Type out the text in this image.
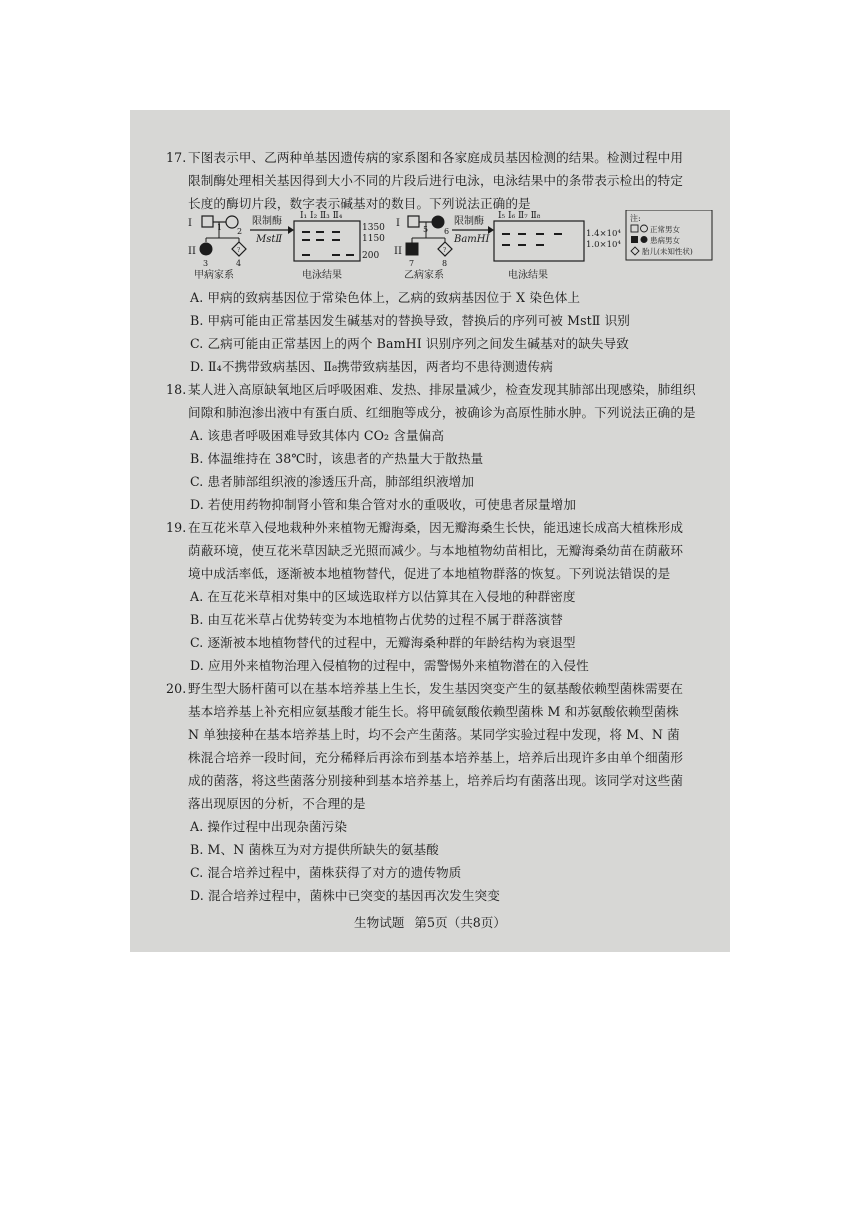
17. 下图表示甲、乙两种单基因遗传病的家系图和各家庭成员基因检测的结果。检测过程中用
限制酶处理相关基因得到大小不同的片段后进行电泳，电泳结果中的条带表示检出的特定
长度的酶切片段，数字表示碱基对的数目。下列说法正确的是
I
II	?
1 2
3	4
甲病家系
限制酶
MstⅡ
I₁ I₂ Ⅱ₃ Ⅱ₄
1350
1150
200
电泳结果
I
II	?
5 6
7	8
乙病家系
限制酶
BamHI
I₅ I₆ Ⅱ₇ Ⅱ₈
1.4×10⁴
1.0×10⁴
电泳结果
注:
正常男女
患病男女
胎儿(未知性状)
A. 甲病的致病基因位于常染色体上，乙病的致病基因位于 X 染色体上
B. 甲病可能由正常基因发生碱基对的替换导致，替换后的序列可被 MstⅡ 识别
C. 乙病可能由正常基因上的两个 BamHI 识别序列之间发生碱基对的缺失导致
D. Ⅱ₄不携带致病基因、Ⅱ₈携带致病基因，两者均不患待测遗传病
18. 某人进入高原缺氧地区后呼吸困难、发热、排尿量减少，检查发现其肺部出现感染，肺组织
间隙和肺泡渗出液中有蛋白质、红细胞等成分，被确诊为高原性肺水肿。下列说法正确的是
A. 该患者呼吸困难导致其体内 CO₂ 含量偏高
B. 体温维持在 38℃时，该患者的产热量大于散热量
C. 患者肺部组织液的渗透压升高，肺部组织液增加
D. 若使用药物抑制肾小管和集合管对水的重吸收，可使患者尿量增加
19. 在互花米草入侵地栽种外来植物无瓣海桑，因无瓣海桑生长快，能迅速长成高大植株形成
荫蔽环境，使互花米草因缺乏光照而减少。与本地植物幼苗相比，无瓣海桑幼苗在荫蔽环
境中成活率低，逐渐被本地植物替代，促进了本地植物群落的恢复。下列说法错误的是
A. 在互花米草相对集中的区域选取样方以估算其在入侵地的种群密度
B. 由互花米草占优势转变为本地植物占优势的过程不属于群落演替
C. 逐渐被本地植物替代的过程中，无瓣海桑种群的年龄结构为衰退型
D. 应用外来植物治理入侵植物的过程中，需警惕外来植物潜在的入侵性
20. 野生型大肠杆菌可以在基本培养基上生长，发生基因突变产生的氨基酸依赖型菌株需要在
基本培养基上补充相应氨基酸才能生长。将甲硫氨酸依赖型菌株 M 和苏氨酸依赖型菌株
N 单独接种在基本培养基上时，均不会产生菌落。某同学实验过程中发现，将 M、N 菌
株混合培养一段时间，充分稀释后再涂布到基本培养基上，培养后出现许多由单个细菌形
成的菌落，将这些菌落分别接种到基本培养基上，培养后均有菌落出现。该同学对这些菌
落出现原因的分析，不合理的是
A. 操作过程中出现杂菌污染
B. M、N 菌株互为对方提供所缺失的氨基酸
C. 混合培养过程中，菌株获得了对方的遗传物质
D. 混合培养过程中，菌株中已突变的基因再次发生突变
生物试题 第5页（共8页）
